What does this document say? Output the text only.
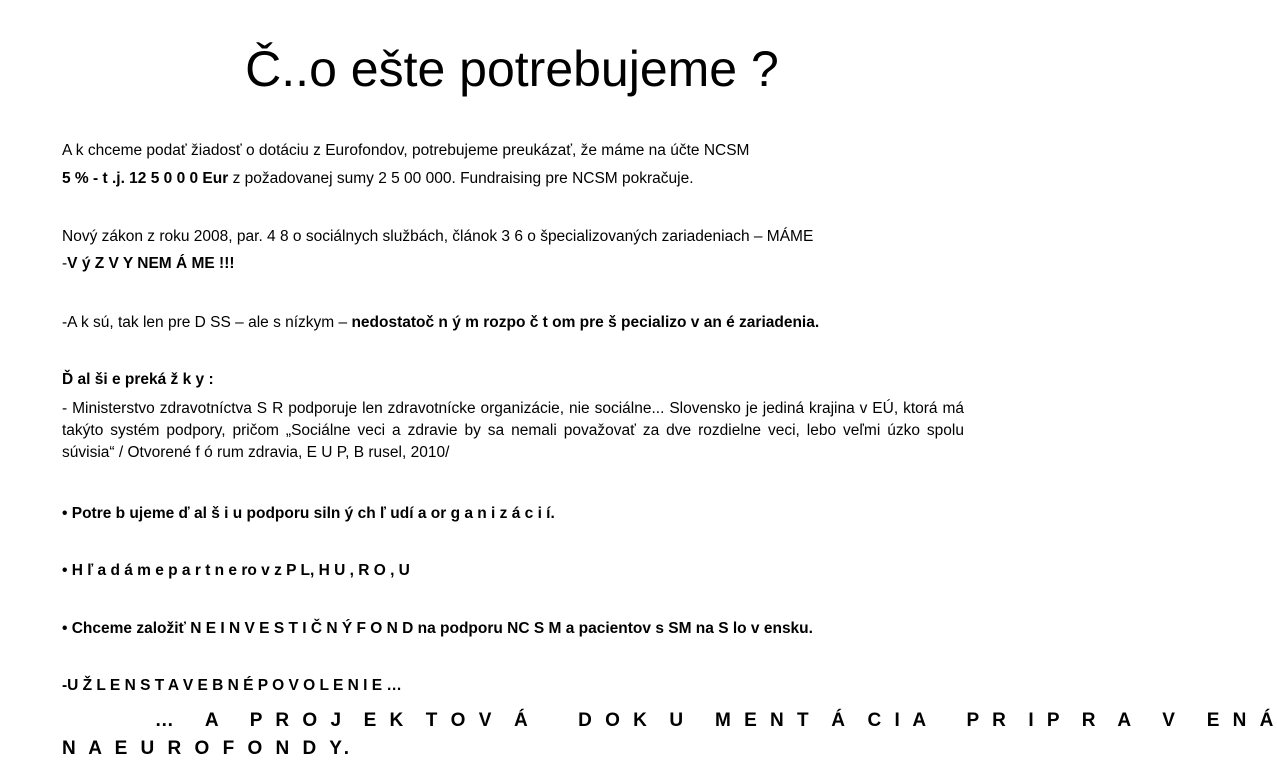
Č..o ešte potrebujeme ?
A k chceme podať žiadosť o dotáciu z Eurofondov, potrebujeme preukázať, že máme na účte NCSM
5 % - t .j. 12 5 0 0 0 Eur z požadovanej sumy 2 5 00 000. Fundraising pre NCSM pokračuje.
Nový zákon z roku 2008, par. 4 8 o sociálnych službách, článok 3 6 o špecializovaných zariadeniach – MÁME
-V ý Z V Y NEM Á ME !!!
-A k sú, tak len pre D SS – ale s nízkym – nedostatoč n ý m rozpo č t om pre š pecializo v an é zariadenia.
Ď al ši e preká ž k y :
- Ministerstvo zdravotníctva S R podporuje len zdravotnícke organizácie, nie sociálne... Slovensko je jediná krajina v EÚ, ktorá má takýto systém podpory, pričom „Sociálne veci a zdravie by sa nemali považovať za dve rozdielne veci, lebo veľmi úzko spolu súvisia“ / Otvorené f ó rum zdravia, E U P, B rusel, 2010/
• Potre b ujeme ď al š i u podporu siln ý ch ľ udí a or g a n i z á c i í.
• H ľ a d á m e p a r t n e ro v z P L, H U , R O , U
• Chceme založiť N E I N V E S T I Č N Ý F O N D na podporu NC S M a pacientov s SM na S lo v ensku.
-U Ž L E N S T A V E B N É P O V O L E N I E …
…   A   P R O J  E K  T O V  Á     D O K  U   M E N T  Á  C I A    P R  I P  R  A   V   E N Á
N A E U R O F O N D Y.
